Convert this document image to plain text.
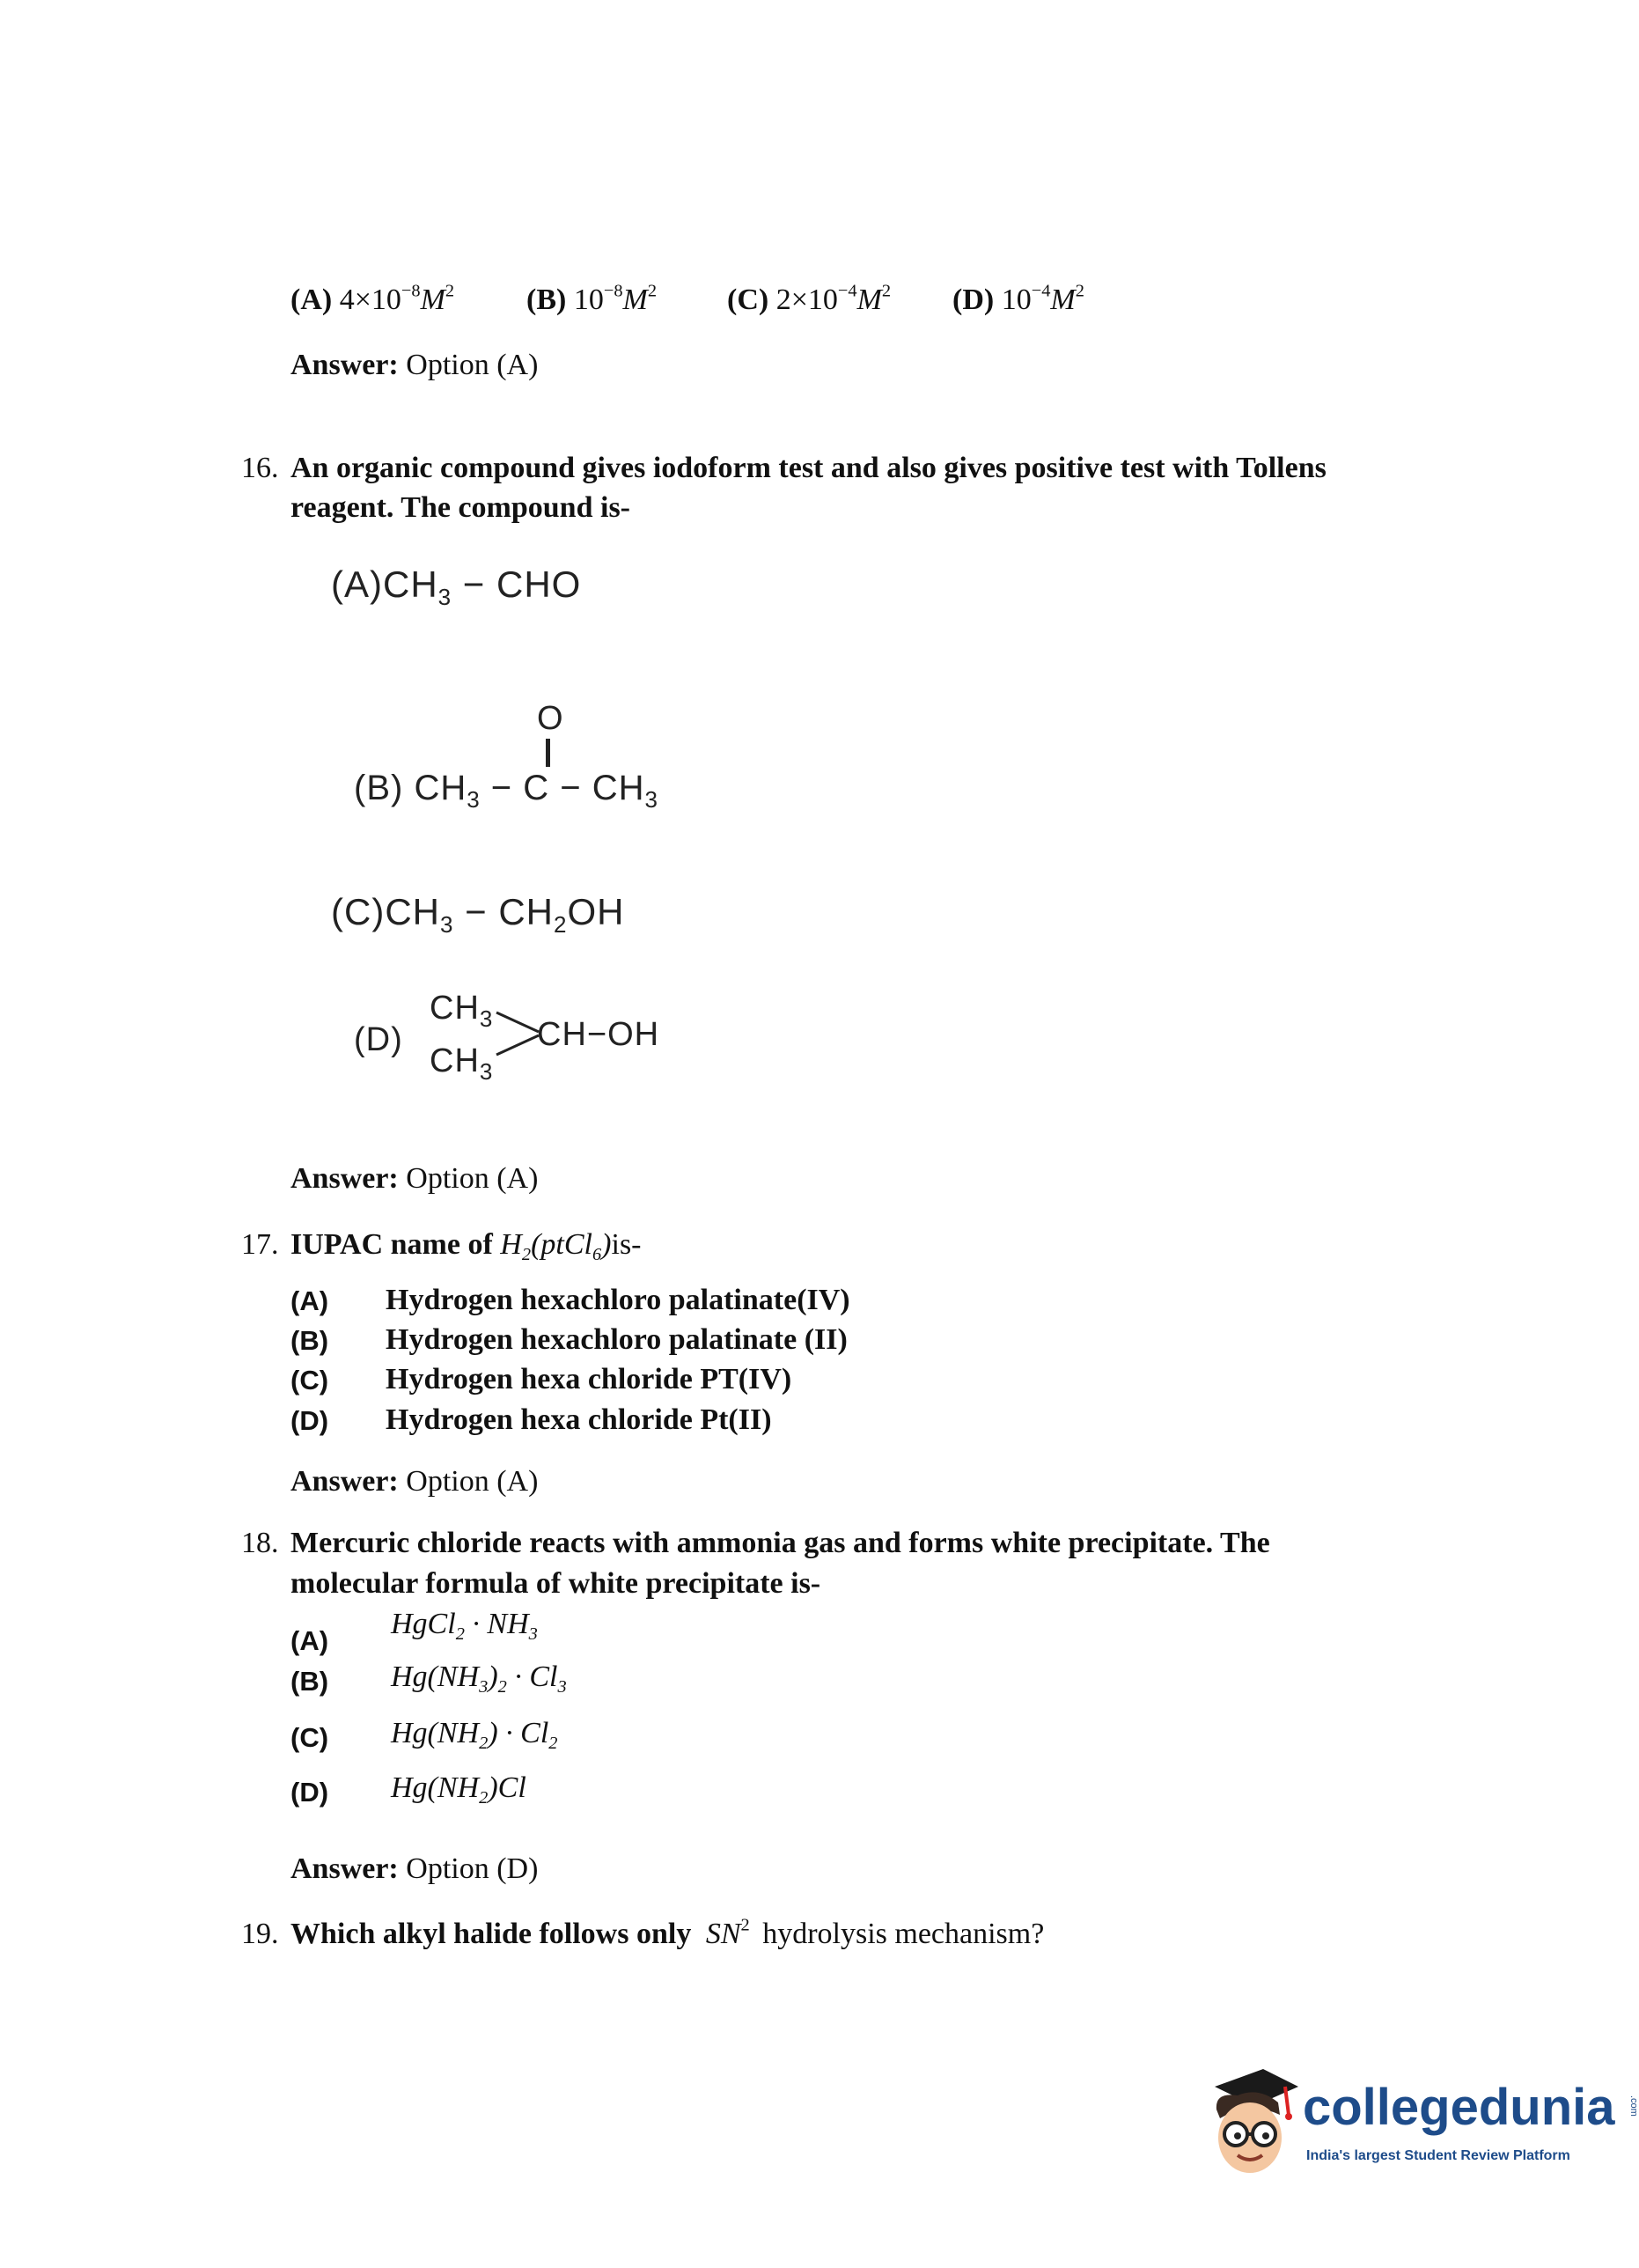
(A) $4\times 10^{-8}M^2$ (B) $10^{-8}M^2$ (C) $2\times 10^{-4}M^2$ (D) $10^{-4}M^2$
Answer: Option (A)
16. An organic compound gives iodoform test and also gives positive test with Tollens
reagent. The compound is-
$(A)CH_3$ − CHO
O
(B) $CH_3 - C - CH_3$
$(C)CH_3 - CH_2OH$
(D)
$CH_3$
$CH_3$
CH−OH
Answer: Option (A)
17. IUPAC name of $H_2(ptCl_6)is-$
(A) Hydrogen hexachloro palatinate(IV)
(B) Hydrogen hexachloro palatinate (II)
(C) Hydrogen hexa chloride PT(IV)
(D) Hydrogen hexa chloride Pt(II)
Answer: Option (A)
18. Mercuric chloride reacts with ammonia gas and forms white precipitate. The
molecular formula of white precipitate is-
(A)
HgCl$_2$ · $NH_3$
(B) $Hg(NH_3)_2 \cdot Cl_3$
(C) $Hg(NH_2) \cdot Cl_2$
(D) $Hg(NH_2)Cl$
Answer: Option (D)
19. Which alkyl halide follows only $SN^2$ hydrolysis mechanism?
collegedunia .com
India's largest Student Review Platform
